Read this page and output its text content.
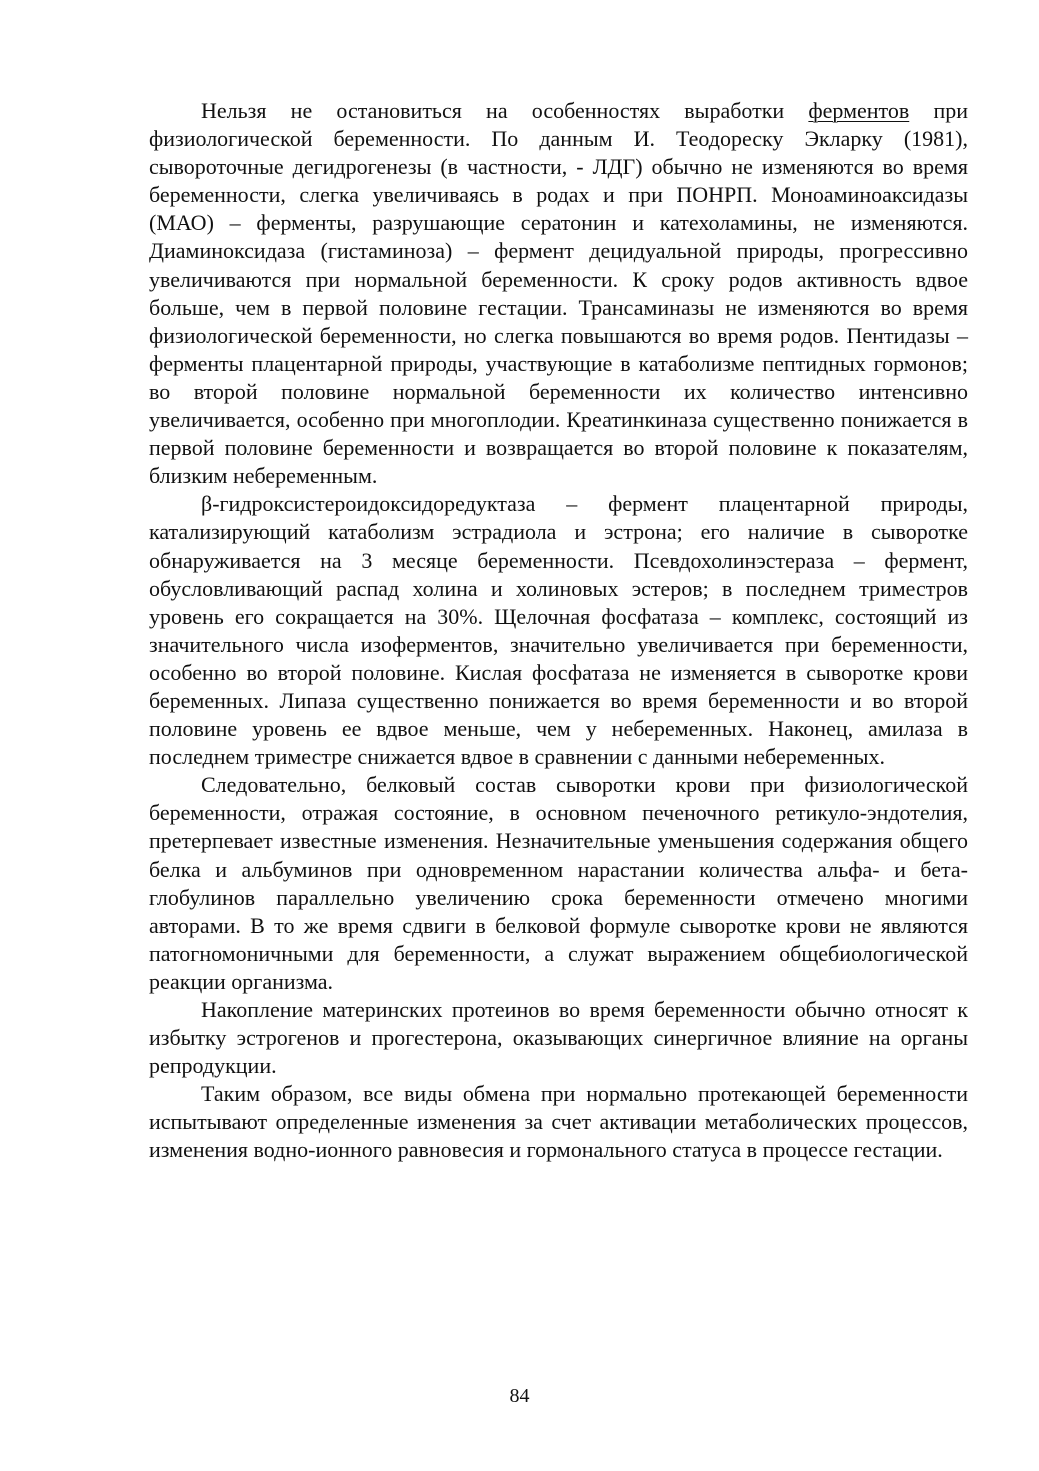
Нельзя не остановиться на особенностях выработки ферментов при физиологической беременности. По данным И. Теодореску Экларку (1981), сывороточные дегидрогенезы (в частности, - ЛДГ) обычно не изменяются во время беременности, слегка увеличиваясь в родах и при ПОНРП. Моноаминоаксидазы (МАО) – ферменты, разрушающие сератонин и катехоламины, не изменяются. Диаминоксидаза (гистаминоза) – фермент децидуальной природы, прогрессивно увеличиваются при нормальной беременности. К сроку родов активность вдвое больше, чем в первой половине гестации. Трансаминазы не изменяются во время физиологической беременности, но слегка повышаются во время родов. Пентидазы – ферменты плацентарной природы, участвующие в катаболизме пептидных гормонов; во второй половине нормальной беременности их количество интенсивно увеличивается, особенно при многоплодии. Креатинкиназа существенно понижается в первой половине беременности и возвращается во второй половине к показателям, близким небеременным.

β-гидроксистероидоксидоредуктаза – фермент плацентарной природы, катализирующий катаболизм эстрадиола и эстрона; его наличие в сыворотке обнаруживается на 3 месяце беременности. Псевдохолинэстераза – фермент, обусловливающий распад холина и холиновых эстеров; в последнем триместров уровень его сокращается на 30%. Щелочная фосфатаза – комплекс, состоящий из значительного числа изоферментов, значительно увеличивается при беременности, особенно во второй половине. Кислая фосфатаза не изменяется в сыворотке крови беременных. Липаза существенно понижается во время беременности и во второй половине уровень ее вдвое меньше, чем у небеременных. Наконец, амилаза в последнем триместре снижается вдвое в сравнении с данными небеременных.

Следовательно, белковый состав сыворотки крови при физиологической беременности, отражая состояние, в основном печеночного ретикуло-эндотелия, претерпевает известные изменения. Незначительные уменьшения содержания общего белка и альбуминов при одновременном нарастании количества альфа- и бета-глобулинов параллельно увеличению срока беременности отмечено многими авторами. В то же время сдвиги в белковой формуле сыворотке крови не являются патогномоничными для беременности, а служат выражением общебиологической реакции организма.

Накопление материнских протеинов во время беременности обычно относят к избытку эстрогенов и прогестерона, оказывающих синергичное влияние на органы репродукции.

Таким образом, все виды обмена при нормально протекающей беременности испытывают определенные изменения за счет активации метаболических процессов, изменения водно-ионного равновесия и гормонального статуса в процессе гестации.

84
